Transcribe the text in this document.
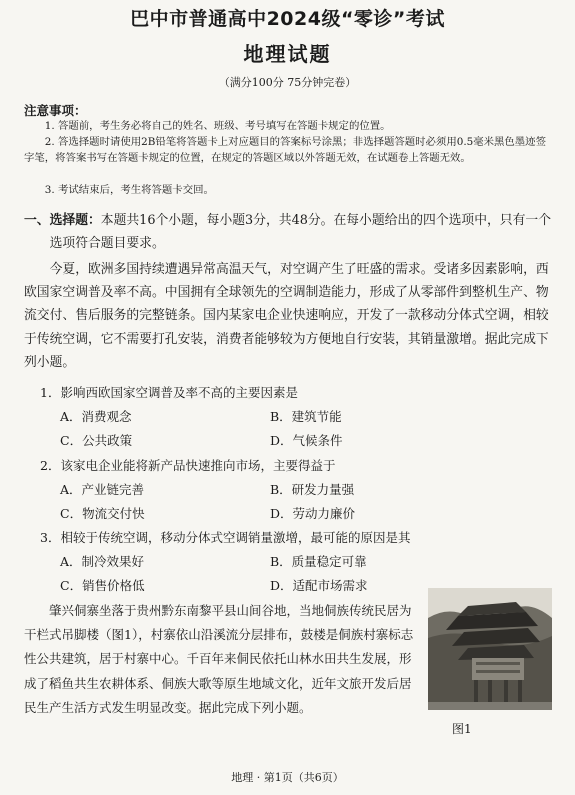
巴中市普通高中2024级“零诊”考试
地理试题
（满分100分 75分钟完卷）
注意事项：
1. 答题前，考生务必将自己的姓名、班级、考号填写在答题卡规定的位置。
2. 答选择题时请使用2B铅笔将答题卡上对应题目的答案标号涂黑；非选择题答题时必须用0.5毫米黑色墨迹签字笔，将答案书写在答题卡规定的位置，在规定的答题区域以外答题无效，在试题卷上答题无效。
3. 考试结束后，考生将答题卡交回。
一、选择题：本题共16个小题，每小题3分，共48分。在每小题给出的四个选项中，只有一个选项符合题目要求。
今夏，欧洲多国持续遭遇异常高温天气，对空调产生了旺盛的需求。受诸多因素影响，西欧国家空调普及率不高。中国拥有全球领先的空调制造能力，形成了从零部件到整机生产、物流交付、售后服务的完整链条。国内某家电企业快速响应，开发了一款移动分体式空调，相较于传统空调，它不需要打孔安装，消费者能够较为方便地自行安装，其销量激增。据此完成下列小题。
1．影响西欧国家空调普及率不高的主要因素是
A．消费观念	B．建筑节能
C．公共政策	D．气候条件
2．该家电企业能将新产品快速推向市场，主要得益于
A．产业链完善	B．研发力量强
C．物流交付快	D．劳动力廉价
3．相较于传统空调，移动分体式空调销量激增，最可能的原因是其
A．制冷效果好	B．质量稳定可靠
C．销售价格低	D．适配市场需求
肇兴侗寨坐落于贵州黔东南黎平县山间谷地，当地侗族传统民居为干栏式吊脚楼（图1），村寨依山沿溪流分层排布，鼓楼是侗族村寨标志性公共建筑，居于村寨中心。千百年来侗民依托山林水田共生发展，形成了稻鱼共生农耕体系、侗族大歌等原生地域文化，近年文旅开发后居民生产生活方式发生明显改变。据此完成下列小题。
图1
地理 · 第1页（共6页）
